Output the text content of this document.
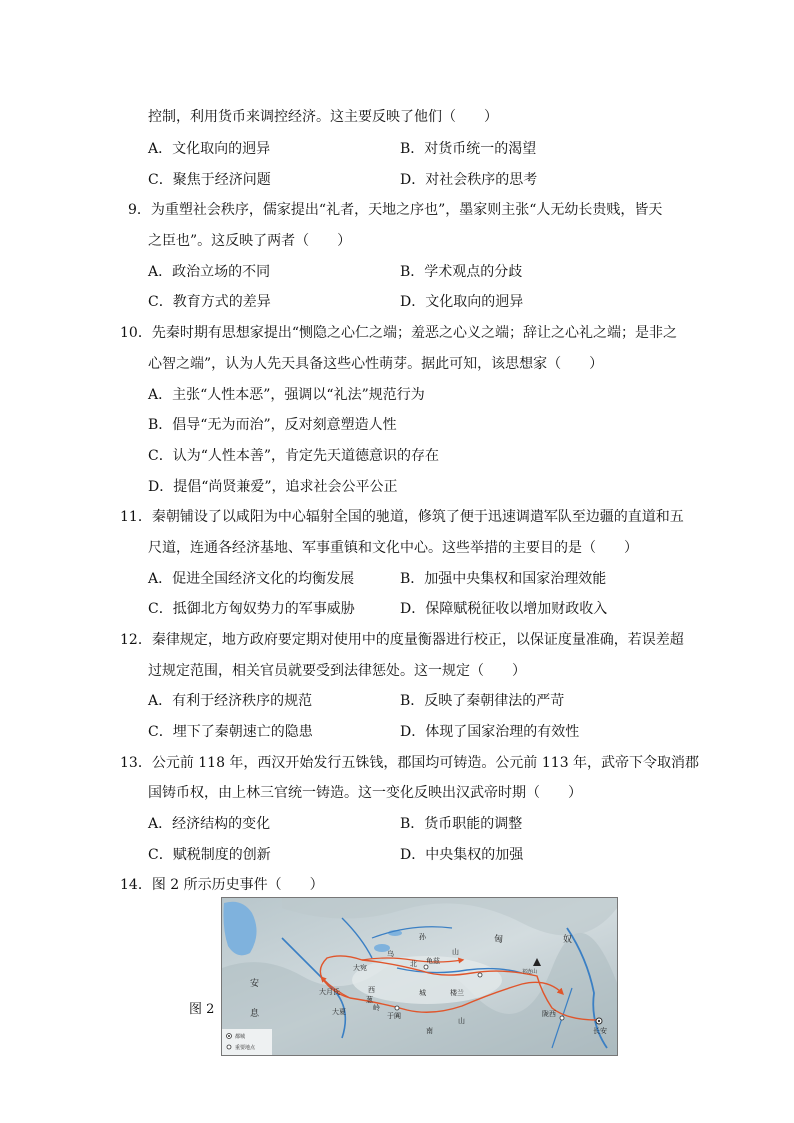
控制，利用货币来调控经济。这主要反映了他们（　　）
A．文化取向的迥异	B．对货币统一的渴望
C．聚焦于经济问题	D．对社会秩序的思考
9．为重塑社会秩序，儒家提出“礼者，天地之序也”，墨家则主张“人无幼长贵贱，皆天
之臣也”。这反映了两者（　　）
A．政治立场的不同	B．学术观点的分歧
C．教育方式的差异	D．文化取向的迥异
10．先秦时期有思想家提出“恻隐之心仁之端；羞恶之心义之端；辞让之心礼之端；是非之
心智之端”，认为人先天具备这些心性萌芽。据此可知，该思想家（　　）
A．主张“人性本恶”，强调以“礼法”规范行为
B．倡导“无为而治”，反对刻意塑造人性
C．认为“人性本善”，肯定先天道德意识的存在
D．提倡“尚贤兼爱”，追求社会公平公正
11．秦朝铺设了以咸阳为中心辐射全国的驰道，修筑了便于迅速调遣军队至边疆的直道和五
尺道，连通各经济基地、军事重镇和文化中心。这些举措的主要目的是（　　）
A．促进全国经济文化的均衡发展	B．加强中央集权和国家治理效能
C．抵御北方匈奴势力的军事威胁	D．保障赋税征收以增加财政收入
12．秦律规定，地方政府要定期对使用中的度量衡器进行校正，以保证度量准确，若误差超
过规定范围，相关官员就要受到法律惩处。这一规定（　　）
A．有利于经济秩序的规范	B．反映了秦朝律法的严苛
C．埋下了秦朝速亡的隐患	D．体现了国家治理的有效性
13．公元前 118 年，西汉开始发行五铢钱，郡国均可铸造。公元前 113 年，武帝下令取消郡
国铸币权，由上林三官统一铸造。这一变化反映出汉武帝时期（　　）
A．经济结构的变化	B．货币职能的调整
C．赋税制度的创新	D．中央集权的加强
14．图 2 所示历史事件（　　）
图 2
匈	奴
安
息
大月氏
大夏
大宛
乌
孙
山
北 龟兹
西
岭
葱
城	楼兰
于阗
南
山
陇西
长安
祁连山
都城
重要地点
